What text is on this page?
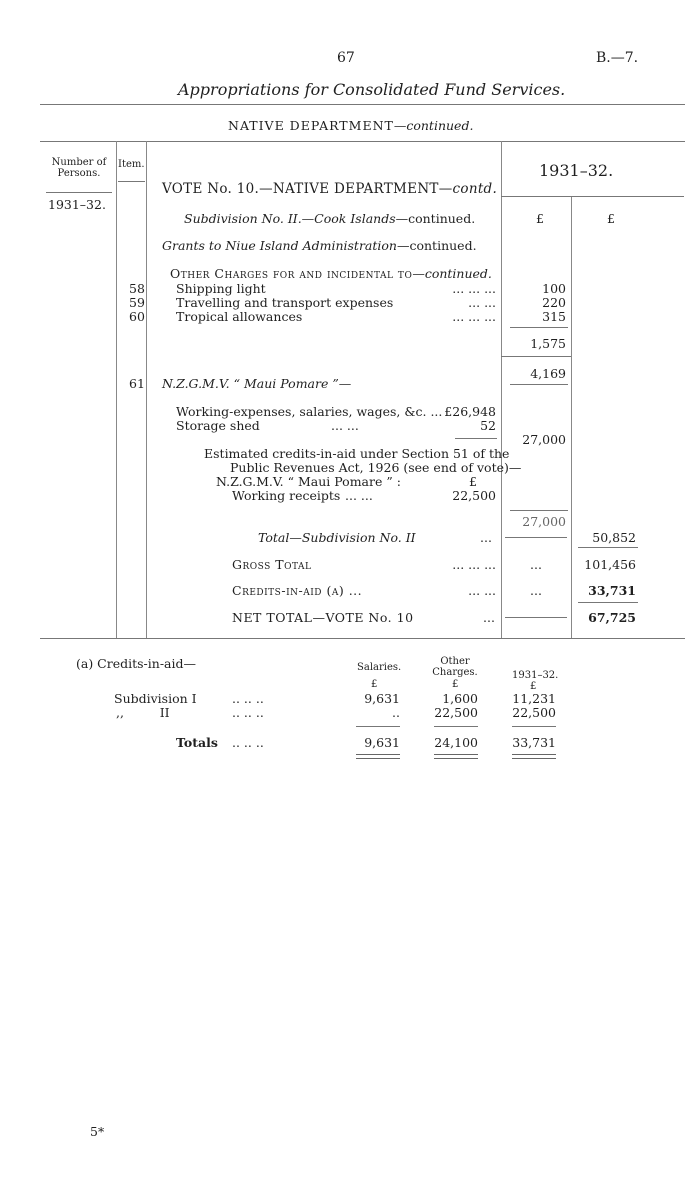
67	B.—7.
Appropriations for Consolidated Fund Services.
NATIVE DEPARTMENT—continued.
Number of Persons.
Item.	1931–32.
1931–32.
VOTE No. 10.—NATIVE DEPARTMENT—contd.
Subdivision No. II.—Cook Islands—continued.	£	£
Grants to Niue Island Administration—continued.
Other Charges for and incidental to—continued.
58 Shipping light	... ... ...	100
59 Travelling and transport expenses	... ...	220
60 Tropical allowances	... ... ...	315
1,575
4,169
61 N.Z.G.M.V. “ Maui Pomare ”—
Working-expenses, salaries, wages, &c. ... £26,948
Storage shed	... ...	52
27,000
Estimated credits-in-aid under Section 51 of the
Public Revenues Act, 1926 (see end of vote)—
N.Z.G.M.V. “ Maui Pomare ” :	£
Working receipts ... ...	22,500
27,000
Total—Subdivision No. II	...	50,852
Gross Total	... ... ...	...	101,456
Credits-in-aid (a) ...	... ...	...	33,731
NET TOTAL—VOTE No. 10	...	67,725
(a) Credits-in-aid—	Salaries.
Other Charges.	1931–32.
£	£	£
Subdivision I	.. .. ..	9,631	1,600	11,231
,,         II	.. .. ..	..	22,500	22,500
Totals .. .. ..	9,631	24,100	33,731
5*
